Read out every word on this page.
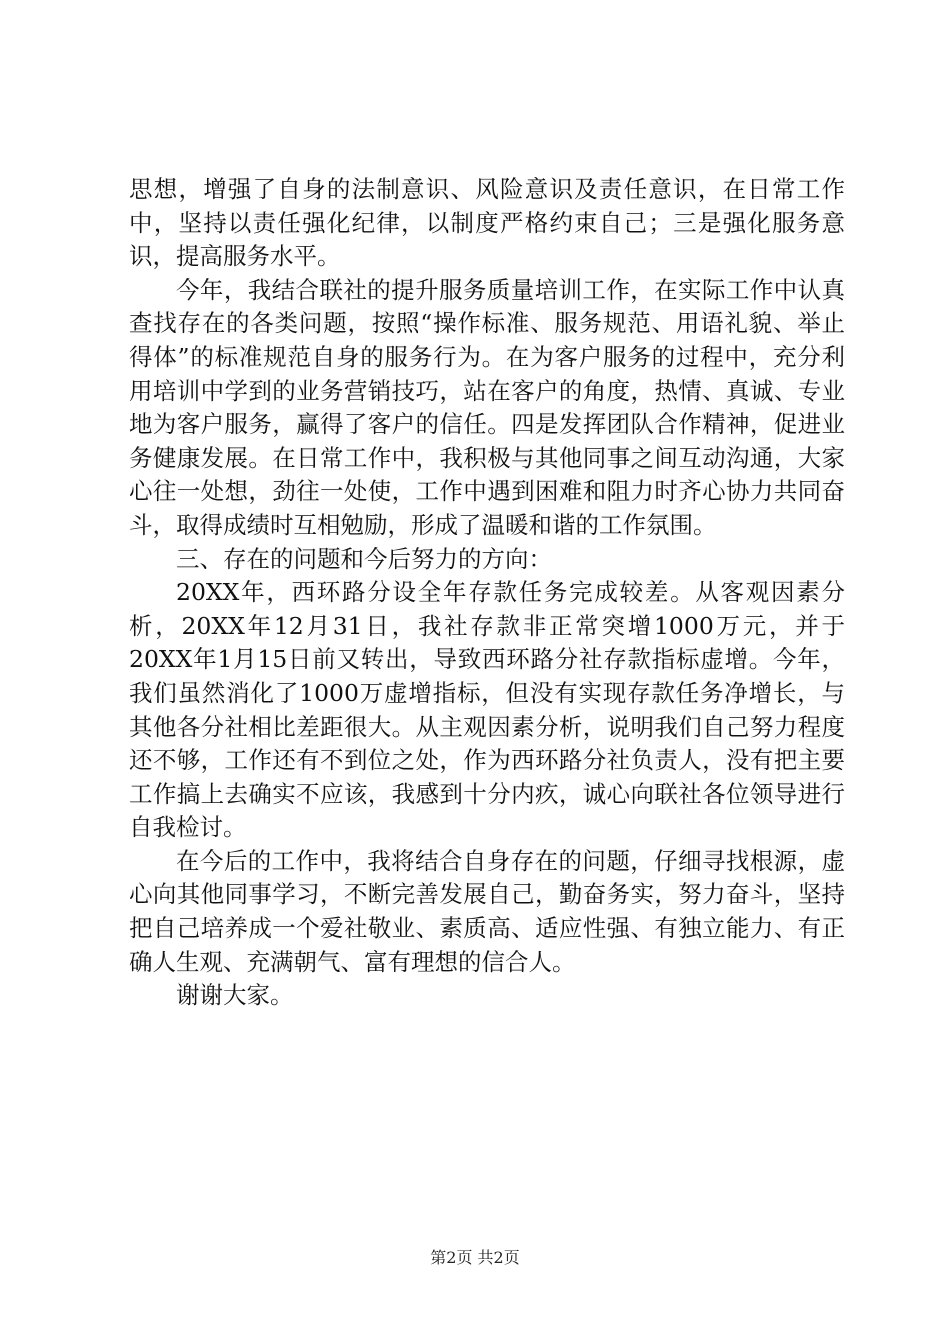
思想，增强了自身的法制意识、风险意识及责任意识，在日常工作中，坚持以责任强化纪律，以制度严格约束自己；三是强化服务意识，提高服务水平。

今年，我结合联社的提升服务质量培训工作，在实际工作中认真查找存在的各类问题，按照“操作标准、服务规范、用语礼貌、举止得体”的标准规范自身的服务行为。在为客户服务的过程中，充分利用培训中学到的业务营销技巧，站在客户的角度，热情、真诚、专业地为客户服务，赢得了客户的信任。四是发挥团队合作精神，促进业务健康发展。在日常工作中，我积极与其他同事之间互动沟通，大家心往一处想，劲往一处使，工作中遇到困难和阻力时齐心协力共同奋斗，取得成绩时互相勉励，形成了温暖和谐的工作氛围。

三、存在的问题和今后努力的方向：

20XX年，西环路分设全年存款任务完成较差。从客观因素分析，20XX年12月31日，我社存款非正常突增1000万元，并于20XX年1月15日前又转出，导致西环路分社存款指标虚增。今年，我们虽然消化了1000万虚增指标，但没有实现存款任务净增长，与其他各分社相比差距很大。从主观因素分析，说明我们自己努力程度还不够，工作还有不到位之处，作为西环路分社负责人，没有把主要工作搞上去确实不应该，我感到十分内疚，诚心向联社各位领导进行自我检讨。

在今后的工作中，我将结合自身存在的问题，仔细寻找根源，虚心向其他同事学习，不断完善发展自己，勤奋务实，努力奋斗，坚持把自己培养成一个爱社敬业、素质高、适应性强、有独立能力、有正确人生观、充满朝气、富有理想的信合人。

谢谢大家。

第2页 共2页
